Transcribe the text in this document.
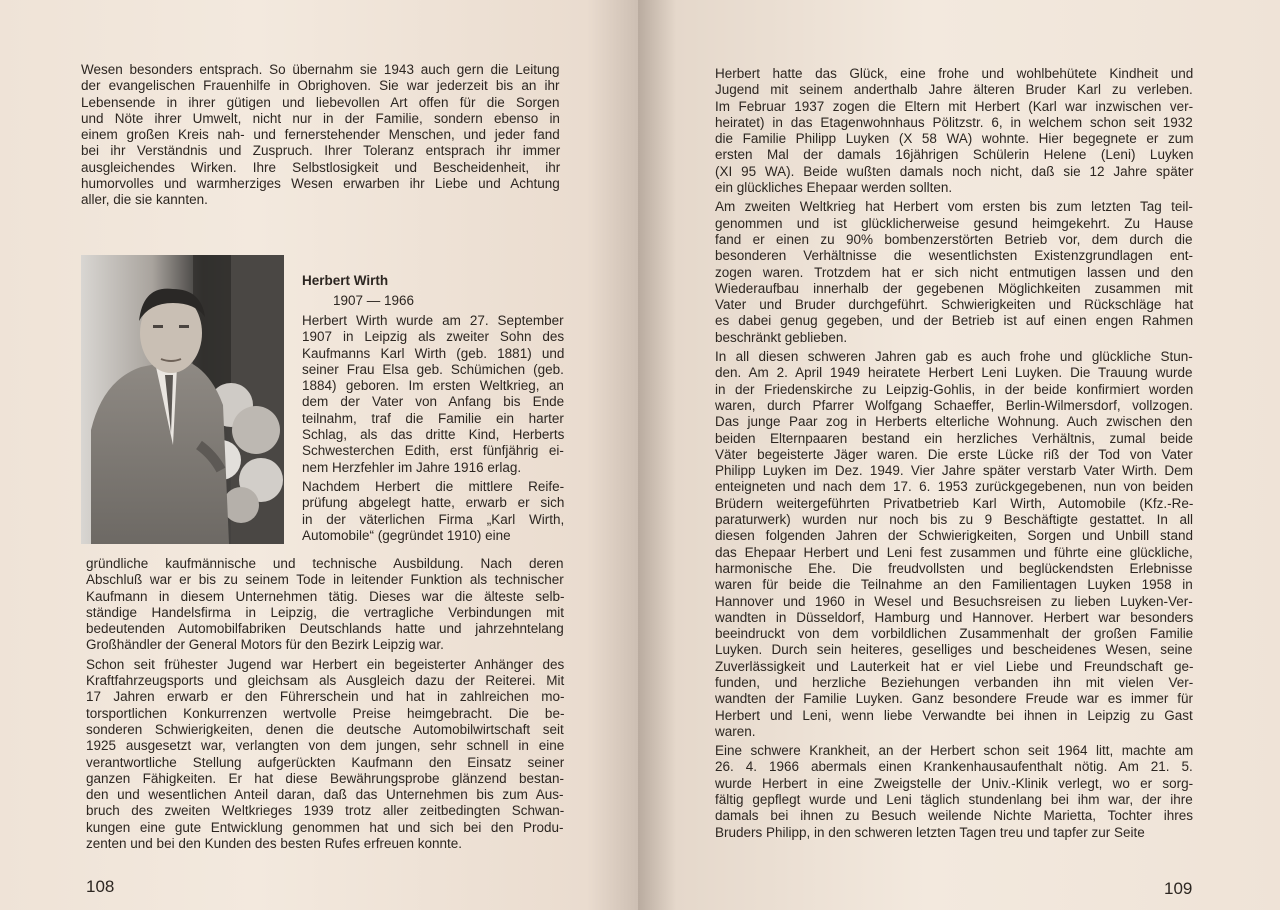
Wesen besonders entsprach. So übernahm sie 1943 auch gern die Leitung
der evangelischen Frauenhilfe in Obrighoven. Sie war jederzeit bis an ihr
Lebensende in ihrer gütigen und liebevollen Art offen für die Sorgen
und Nöte ihrer Umwelt, nicht nur in der Familie, sondern ebenso in
einem großen Kreis nah- und fernerstehender Menschen, und jeder fand
bei ihr Verständnis und Zuspruch. Ihrer Toleranz entsprach ihr immer
ausgleichendes Wirken. Ihre Selbstlosigkeit und Bescheidenheit, ihr
humorvolles und warmherziges Wesen erwarben ihr Liebe und Achtung
aller, die sie kannten.

Herbert Wirth
1907 — 1966

Herbert Wirth wurde am 27. September
1907 in Leipzig als zweiter Sohn des
Kaufmanns Karl Wirth (geb. 1881) und
seiner Frau Elsa geb. Schümichen (geb.
1884) geboren. Im ersten Weltkrieg, an
dem der Vater von Anfang bis Ende
teilnahm, traf die Familie ein harter
Schlag, als das dritte Kind, Herberts
Schwesterchen Edith, erst fünfjährig ei-
nem Herzfehler im Jahre 1916 erlag.

Nachdem Herbert die mittlere Reife-
prüfung abgelegt hatte, erwarb er sich
in der väterlichen Firma „Karl Wirth,
Automobile“ (gegründet 1910) eine

gründliche kaufmännische und technische Ausbildung. Nach deren
Abschluß war er bis zu seinem Tode in leitender Funktion als technischer
Kaufmann in diesem Unternehmen tätig. Dieses war die älteste selb-
ständige Handelsfirma in Leipzig, die vertragliche Verbindungen mit
bedeutenden Automobilfabriken Deutschlands hatte und jahrzehntelang
Großhändler der General Motors für den Bezirk Leipzig war.

Schon seit frühester Jugend war Herbert ein begeisterter Anhänger des
Kraftfahrzeugsports und gleichsam als Ausgleich dazu der Reiterei. Mit
17 Jahren erwarb er den Führerschein und hat in zahlreichen mo-
torsportlichen Konkurrenzen wertvolle Preise heimgebracht. Die be-
sonderen Schwierigkeiten, denen die deutsche Automobilwirtschaft seit
1925 ausgesetzt war, verlangten von dem jungen, sehr schnell in eine
verantwortliche Stellung aufgerückten Kaufmann den Einsatz seiner
ganzen Fähigkeiten. Er hat diese Bewährungsprobe glänzend bestan-
den und wesentlichen Anteil daran, daß das Unternehmen bis zum Aus-
bruch des zweiten Weltkrieges 1939 trotz aller zeitbedingten Schwan-
kungen eine gute Entwicklung genommen hat und sich bei den Produ-
zenten und bei den Kunden des besten Rufes erfreuen konnte.

108

Herbert hatte das Glück, eine frohe und wohlbehütete Kindheit und
Jugend mit seinem anderthalb Jahre älteren Bruder Karl zu verleben.
Im Februar 1937 zogen die Eltern mit Herbert (Karl war inzwischen ver-
heiratet) in das Etagenwohnhaus Pölitzstr. 6, in welchem schon seit 1932
die Familie Philipp Luyken (X 58 WA) wohnte. Hier begegnete er zum
ersten Mal der damals 16jährigen Schülerin Helene (Leni) Luyken
(XI 95 WA). Beide wußten damals noch nicht, daß sie 12 Jahre später
ein glückliches Ehepaar werden sollten.

Am zweiten Weltkrieg hat Herbert vom ersten bis zum letzten Tag teil-
genommen und ist glücklicherweise gesund heimgekehrt. Zu Hause
fand er einen zu 90% bombenzerstörten Betrieb vor, dem durch die
besonderen Verhältnisse die wesentlichsten Existenzgrundlagen ent-
zogen waren. Trotzdem hat er sich nicht entmutigen lassen und den
Wiederaufbau innerhalb der gegebenen Möglichkeiten zusammen mit
Vater und Bruder durchgeführt. Schwierigkeiten und Rückschläge hat
es dabei genug gegeben, und der Betrieb ist auf einen engen Rahmen
beschränkt geblieben.

In all diesen schweren Jahren gab es auch frohe und glückliche Stun-
den. Am 2. April 1949 heiratete Herbert Leni Luyken. Die Trauung wurde
in der Friedenskirche zu Leipzig-Gohlis, in der beide konfirmiert worden
waren, durch Pfarrer Wolfgang Schaeffer, Berlin-Wilmersdorf, vollzogen.
Das junge Paar zog in Herberts elterliche Wohnung. Auch zwischen den
beiden Elternpaaren bestand ein herzliches Verhältnis, zumal beide
Väter begeisterte Jäger waren. Die erste Lücke riß der Tod von Vater
Philipp Luyken im Dez. 1949. Vier Jahre später verstarb Vater Wirth. Dem
enteigneten und nach dem 17. 6. 1953 zurückgegebenen, nun von beiden
Brüdern weitergeführten Privatbetrieb Karl Wirth, Automobile (Kfz.-Re-
paraturwerk) wurden nur noch bis zu 9 Beschäftigte gestattet. In all
diesen folgenden Jahren der Schwierigkeiten, Sorgen und Unbill stand
das Ehepaar Herbert und Leni fest zusammen und führte eine glückliche,
harmonische Ehe. Die freudvollsten und beglückendsten Erlebnisse
waren für beide die Teilnahme an den Familientagen Luyken 1958 in
Hannover und 1960 in Wesel und Besuchsreisen zu lieben Luyken-Ver-
wandten in Düsseldorf, Hamburg und Hannover. Herbert war besonders
beeindruckt von dem vorbildlichen Zusammenhalt der großen Familie
Luyken. Durch sein heiteres, geselliges und bescheidenes Wesen, seine
Zuverlässigkeit und Lauterkeit hat er viel Liebe und Freundschaft ge-
funden, und herzliche Beziehungen verbanden ihn mit vielen Ver-
wandten der Familie Luyken. Ganz besondere Freude war es immer für
Herbert und Leni, wenn liebe Verwandte bei ihnen in Leipzig zu Gast
waren.

Eine schwere Krankheit, an der Herbert schon seit 1964 litt, machte am
26. 4. 1966 abermals einen Krankenhausaufenthalt nötig. Am 21. 5.
wurde Herbert in eine Zweigstelle der Univ.-Klinik verlegt, wo er sorg-
fältig gepflegt wurde und Leni täglich stundenlang bei ihm war, der ihre
damals bei ihnen zu Besuch weilende Nichte Marietta, Tochter ihres
Bruders Philipp, in den schweren letzten Tagen treu und tapfer zur Seite

109
